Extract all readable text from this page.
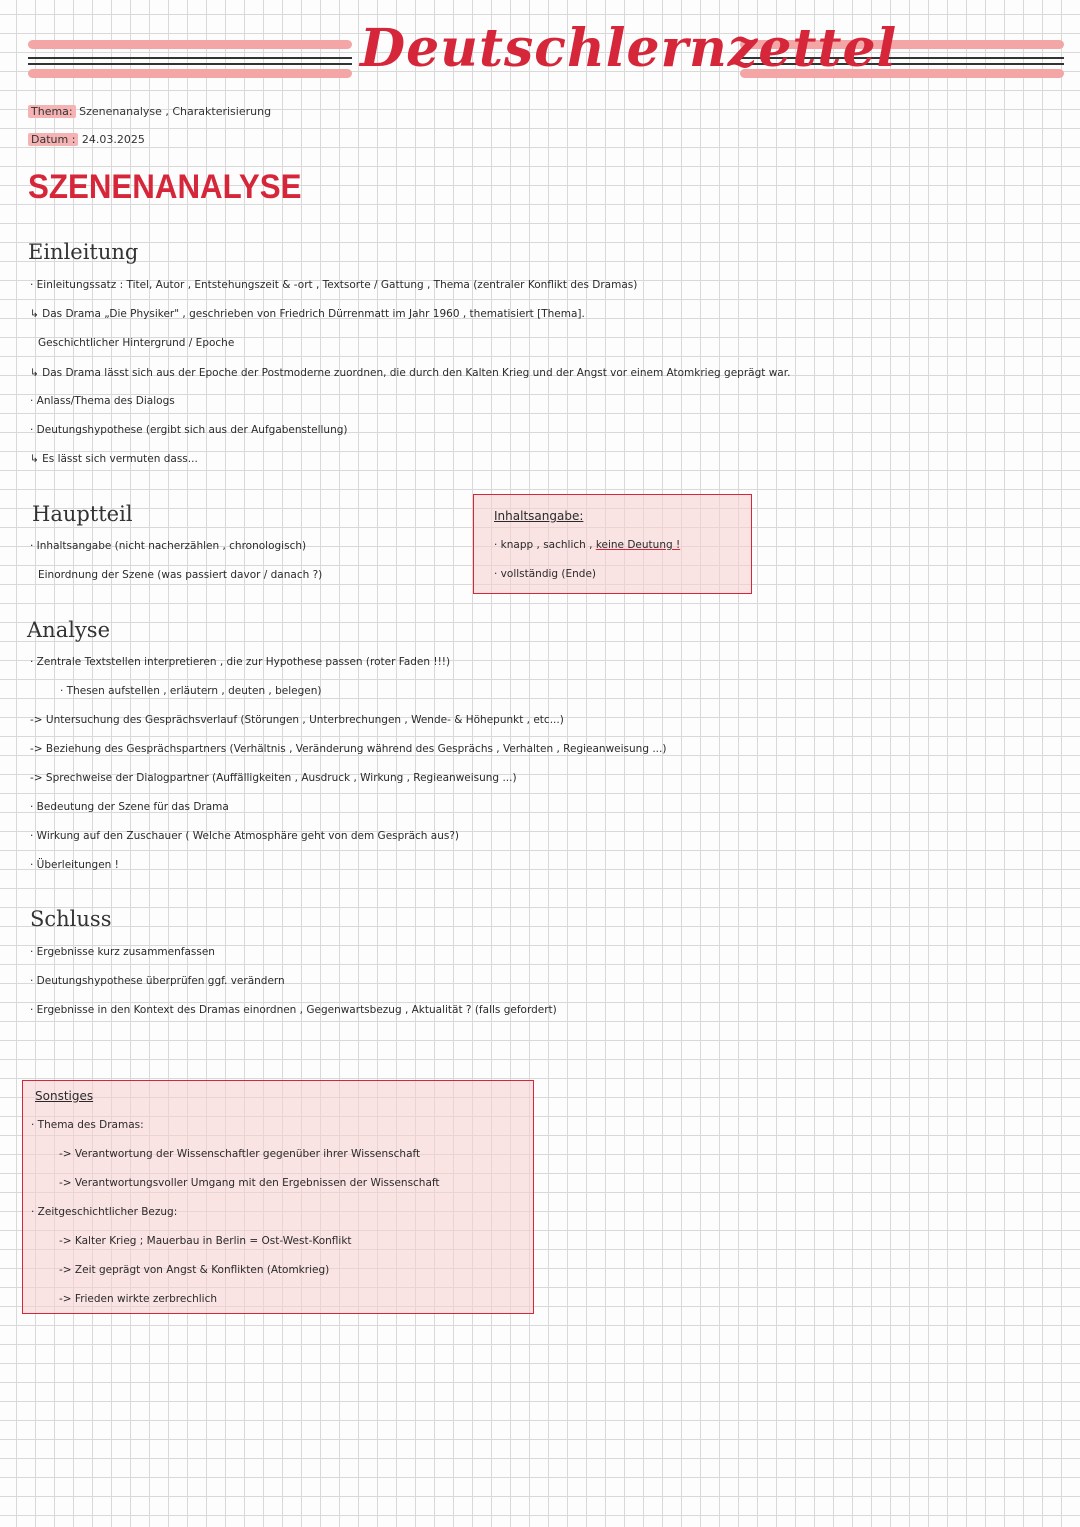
Deutschlernzettel
Thema: Szenenanalyse , Charakterisierung
Datum : 24.03.2025
SZENENANALYSE
Einleitung
· Einleitungssatz : Titel, Autor , Entstehungszeit & -ort , Textsorte / Gattung , Thema (zentraler Konflikt des Dramas)
↳ Das Drama „Die Physiker" , geschrieben von Friedrich Dürrenmatt im Jahr 1960 , thematisiert [Thema].
Geschichtlicher Hintergrund / Epoche
↳ Das Drama lässt sich aus der Epoche der Postmoderne zuordnen, die durch den Kalten Krieg und der Angst vor einem Atomkrieg geprägt war.
· Anlass/Thema des Dialogs
· Deutungshypothese (ergibt sich aus der Aufgabenstellung)
↳ Es lässt sich vermuten dass...
Hauptteil
· Inhaltsangabe (nicht nacherzählen , chronologisch)
Einordnung der Szene (was passiert davor / danach ?)
Inhaltsangabe:
· knapp , sachlich , keine Deutung !
· vollständig (Ende)
Analyse
· Zentrale Textstellen interpretieren , die zur Hypothese passen (roter Faden !!!)
· Thesen aufstellen , erläutern , deuten , belegen)
-> Untersuchung des Gesprächsverlauf (Störungen , Unterbrechungen , Wende- & Höhepunkt , etc...)
-> Beziehung des Gesprächspartners (Verhältnis , Veränderung während des Gesprächs , Verhalten , Regieanweisung ...)
-> Sprechweise der Dialogpartner (Auffälligkeiten , Ausdruck , Wirkung , Regieanweisung ...)
· Bedeutung der Szene für das Drama
· Wirkung auf den Zuschauer ( Welche Atmosphäre geht von dem Gespräch aus?)
· Überleitungen !
Schluss
· Ergebnisse kurz zusammenfassen
· Deutungshypothese überprüfen ggf. verändern
· Ergebnisse in den Kontext des Dramas einordnen , Gegenwartsbezug , Aktualität ? (falls gefordert)
Sonstiges
· Thema des Dramas:
-> Verantwortung der Wissenschaftler gegenüber ihrer Wissenschaft
-> Verantwortungsvoller Umgang mit den Ergebnissen der Wissenschaft
· Zeitgeschichtlicher Bezug:
-> Kalter Krieg ; Mauerbau in Berlin = Ost-West-Konflikt
-> Zeit geprägt von Angst & Konflikten (Atomkrieg)
-> Frieden wirkte zerbrechlich
